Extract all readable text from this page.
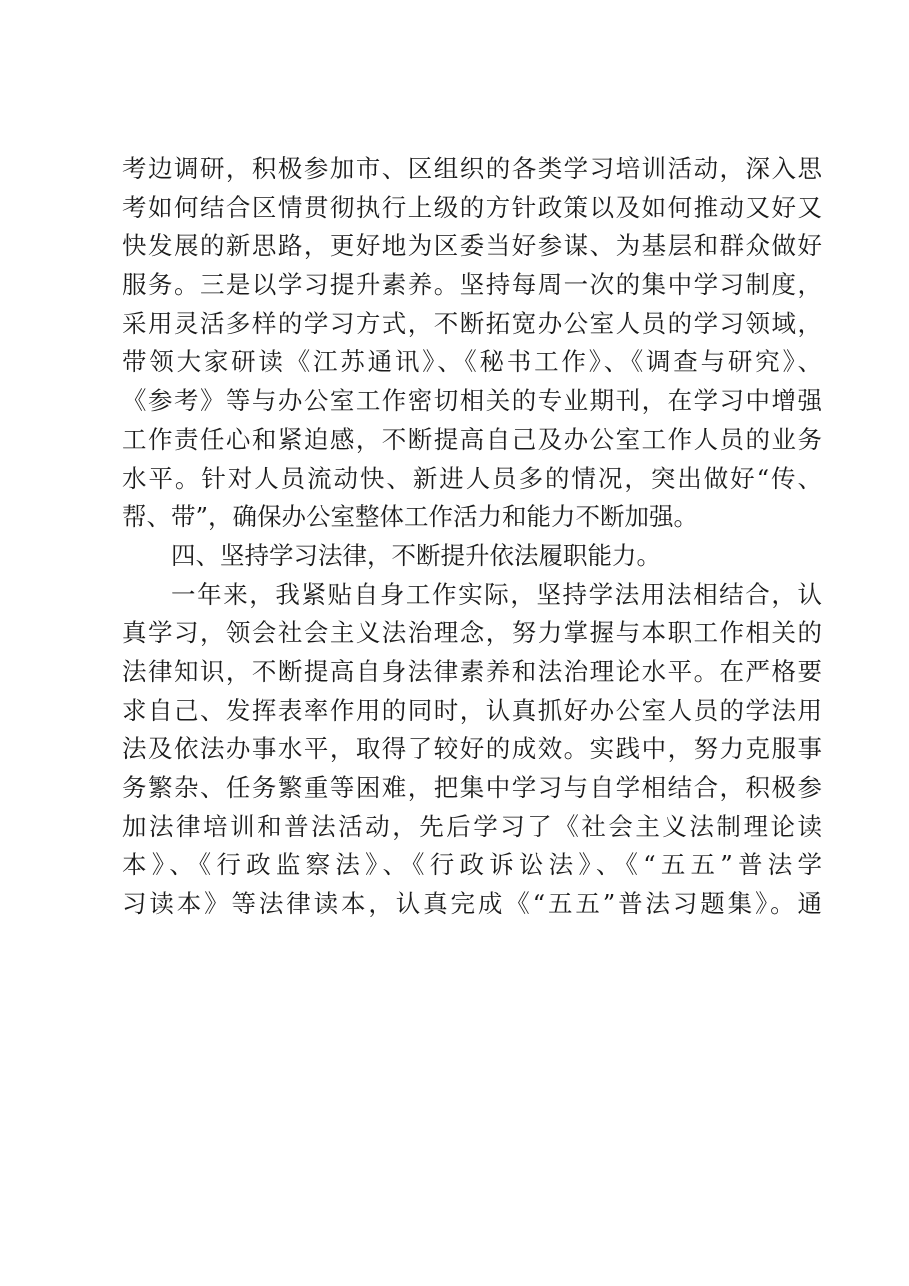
考边调研，积极参加市、区组织的各类学习培训活动，深入思
考如何结合区情贯彻执行上级的方针政策以及如何推动又好又
快发展的新思路，更好地为区委当好参谋、为基层和群众做好
服务。三是以学习提升素养。坚持每周一次的集中学习制度，
采用灵活多样的学习方式，不断拓宽办公室人员的学习领域，
带领大家研读《江苏通讯》、《秘书工作》、《调查与研究》、
《参考》等与办公室工作密切相关的专业期刊，在学习中增强
工作责任心和紧迫感，不断提高自己及办公室工作人员的业务
水平。针对人员流动快、新进人员多的情况，突出做好“传、
帮、带”，确保办公室整体工作活力和能力不断加强。
四、坚持学习法律，不断提升依法履职能力。
一年来，我紧贴自身工作实际，坚持学法用法相结合，认
真学习，领会社会主义法治理念，努力掌握与本职工作相关的
法律知识，不断提高自身法律素养和法治理论水平。在严格要
求自己、发挥表率作用的同时，认真抓好办公室人员的学法用
法及依法办事水平，取得了较好的成效。实践中，努力克服事
务繁杂、任务繁重等困难，把集中学习与自学相结合，积极参
加法律培训和普法活动，先后学习了《社会主义法制理论读
本》、《行政监察法》、《行政诉讼法》、《“五五”普法学
习读本》等法律读本，认真完成《“五五”普法习题集》。通
